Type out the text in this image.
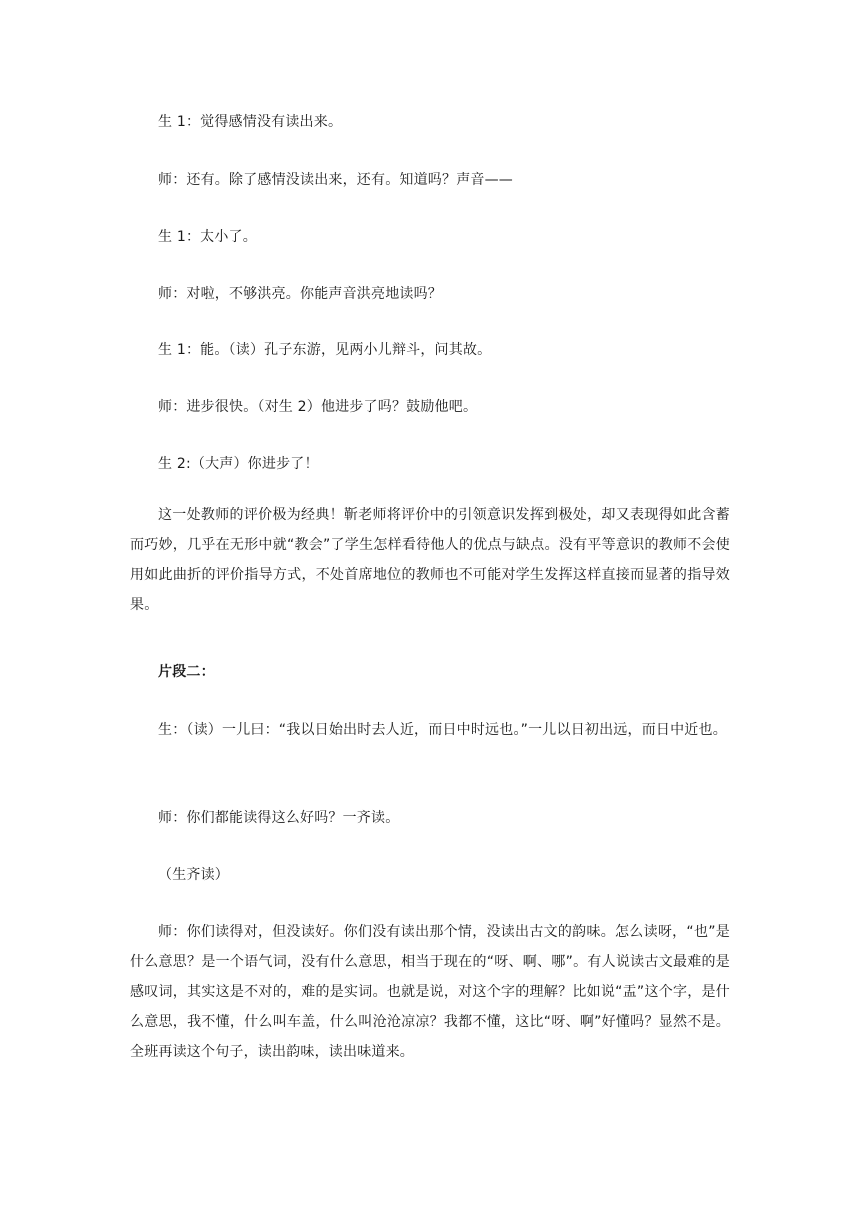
生 1：觉得感情没有读出来。

师：还有。除了感情没读出来，还有。知道吗？声音——

生 1：太小了。

师：对啦，不够洪亮。你能声音洪亮地读吗？

生 1：能。（读）孔子东游，见两小儿辩斗，问其故。

师：进步很快。（对生 2）他进步了吗？鼓励他吧。

生 2:（大声）你进步了！

这一处教师的评价极为经典！靳老师将评价中的引领意识发挥到极处，却又表现得如此含蓄而巧妙，几乎在无形中就“教会”了学生怎样看待他人的优点与缺点。没有平等意识的教师不会使用如此曲折的评价指导方式，不处首席地位的教师也不可能对学生发挥这样直接而显著的指导效果。

片段二：

生：（读）一儿曰：“我以日始出时去人近，而日中时远也。”一儿以日初出远，而日中近也。

师：你们都能读得这么好吗？一齐读。

（生齐读）

师：你们读得对，但没读好。你们没有读出那个情，没读出古文的韵味。怎么读呀，“也”是什么意思？是一个语气词，没有什么意思，相当于现在的“呀、啊、哪”。有人说读古文最难的是感叹词，其实这是不对的，难的是实词。也就是说，对这个字的理解？比如说“盂”这个字，是什么意思，我不懂，什么叫车盖，什么叫沧沧凉凉？我都不懂，这比“呀、啊”好懂吗？显然不是。全班再读这个句子，读出韵味，读出味道来。
